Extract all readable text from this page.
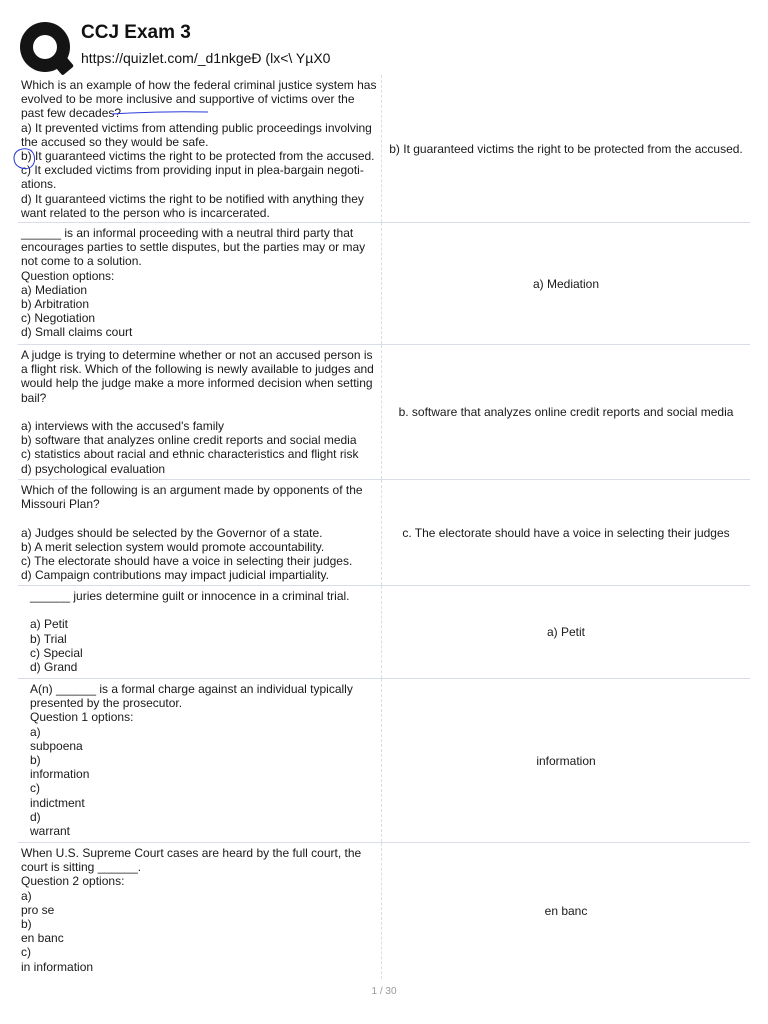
CCJ Exam 3
https://quizlet.com/_d1nkgeÐ (lx<\ YµX0
Which is an example of how the federal criminal justice system has evolved to be more inclusive and supportive of victims over the past few decades?
a) It prevented victims from attending public proceedings involving the accused so they would be safe.
b) It guaranteed victims the right to be protected from the accused.
c) It excluded victims from providing input in plea-bargain negoti-ations.
d) It guaranteed victims the right to be notified with anything they want related to the person who is incarcerated.
b) It guaranteed victims the right to be protected from the accused.
______ is an informal proceeding with a neutral third party that encourages parties to settle disputes, but the parties may or may not come to a solution.
Question options:
a) Mediation
b) Arbitration
c) Negotiation
d) Small claims court
a) Mediation
A judge is trying to determine whether or not an accused person is a flight risk. Which of the following is newly available to judges and would help the judge make a more informed decision when setting bail?

a) interviews with the accused's family
b) software that analyzes online credit reports and social media
c) statistics about racial and ethnic characteristics and flight risk
d) psychological evaluation
b. software that analyzes online credit reports and social media
Which of the following is an argument made by opponents of the Missouri Plan?

a) Judges should be selected by the Governor of a state.
b) A merit selection system would promote accountability.
c) The electorate should have a voice in selecting their judges.
d) Campaign contributions may impact judicial impartiality.
c. The electorate should have a voice in selecting their judges
______ juries determine guilt or innocence in a criminal trial.

a) Petit
b) Trial
c) Special
d) Grand
a) Petit
A(n) ______ is a formal charge against an individual typically presented by the prosecutor.
Question 1 options:
a)
subpoena
b)
information
c)
indictment
d)
warrant
information
When U.S. Supreme Court cases are heard by the full court, the court is sitting ______.
Question 2 options:
a)
pro se
b)
en banc
c)
in information
en banc
1 / 30
